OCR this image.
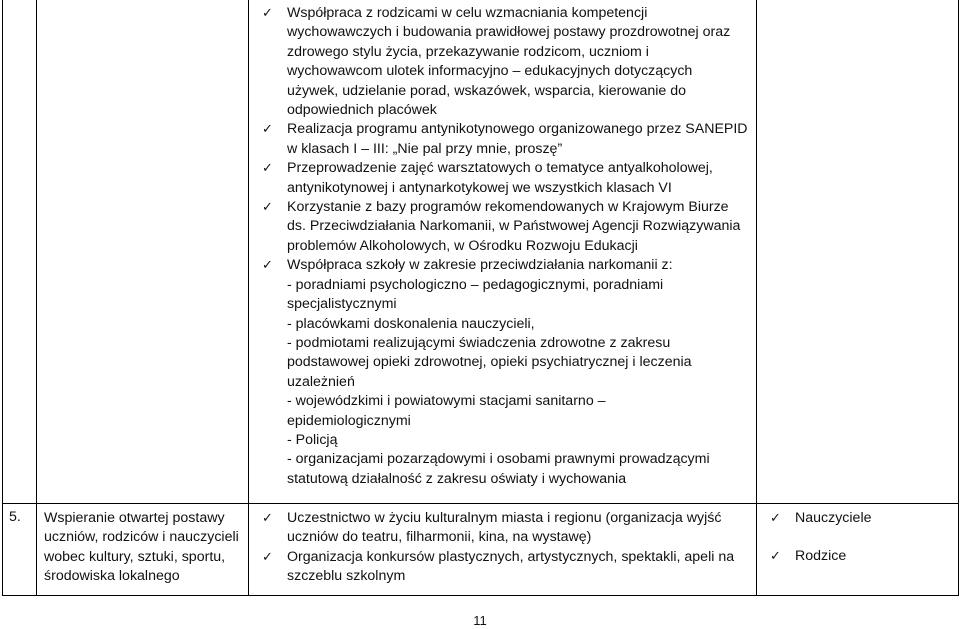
✓ Współpraca z rodzicami w celu wzmacniania kompetencji
wychowawczych i budowania prawidłowej postawy prozdrowotnej oraz
zdrowego stylu życia, przekazywanie rodzicom, uczniom i
wychowawcom ulotek informacyjno – edukacyjnych dotyczących
używek, udzielanie porad, wskazówek, wsparcia, kierowanie do
odpowiednich placówek
✓ Realizacja programu antynikotynowego organizowanego przez SANEPID
w klasach I – III: „Nie pal przy mnie, proszę”
✓ Przeprowadzenie zajęć warsztatowych o tematyce antyalkoholowej,
antynikotynowej i antynarkotykowej we wszystkich klasach VI
✓ Korzystanie z bazy programów rekomendowanych w Krajowym Biurze
ds. Przeciwdziałania Narkomanii, w Państwowej Agencji Rozwiązywania
problemów Alkoholowych, w Ośrodku Rozwoju Edukacji
✓ Współpraca szkoły w zakresie przeciwdziałania narkomanii z:
- poradniami psychologiczno – pedagogicznymi, poradniami
specjalistycznymi
- placówkami doskonalenia nauczycieli,
- podmiotami realizującymi świadczenia zdrowotne z zakresu
podstawowej opieki zdrowotnej, opieki psychiatrycznej i leczenia
uzależnień
- wojewódzkimi i powiatowymi stacjami sanitarno –
epidemiologicznymi
- Policją
- organizacjami pozarządowymi i osobami prawnymi prowadzącymi
statutową działalność z zakresu oświaty i wychowania
5. Wspieranie otwartej postawy
uczniów, rodziców i nauczycieli
wobec kultury, sztuki, sportu,
środowiska lokalnego
✓ Uczestnictwo w życiu kulturalnym miasta i regionu (organizacja wyjść
uczniów do teatru, filharmonii, kina, na wystawę)
✓ Organizacja konkursów plastycznych, artystycznych, spektakli, apeli na
szczeblu szkolnym
✓ Nauczyciele
✓ Rodzice
11
